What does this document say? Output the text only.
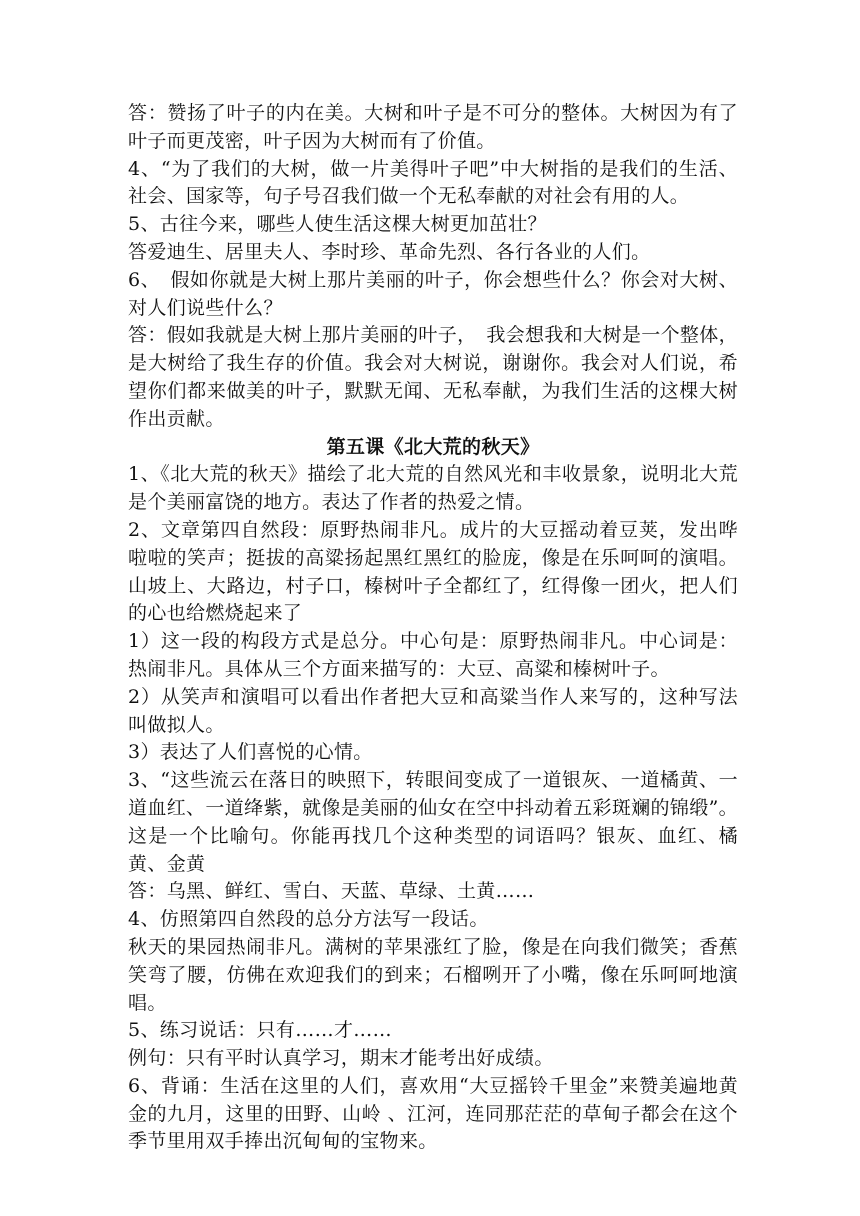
答：赞扬了叶子的内在美。大树和叶子是不可分的整体。大树因为有了叶子而更茂密，叶子因为大树而有了价值。

4、“为了我们的大树，做一片美得叶子吧”中大树指的是我们的生活、社会、国家等，句子号召我们做一个无私奉献的对社会有用的人。

5、古往今来，哪些人使生活这棵大树更加茁壮？

答爱迪生、居里夫人、李时珍、革命先烈、各行各业的人们。

6、　假如你就是大树上那片美丽的叶子，你会想些什么？你会对大树、对人们说些什么？

答：假如我就是大树上那片美丽的叶子，　我会想我和大树是一个整体，是大树给了我生存的价值。我会对大树说，谢谢你。我会对人们说，希望你们都来做美的叶子，默默无闻、无私奉献，为我们生活的这棵大树作出贡献。

第五课《北大荒的秋天》

1、《北大荒的秋天》描绘了北大荒的自然风光和丰收景象，说明北大荒是个美丽富饶的地方。表达了作者的热爱之情。

2、文章第四自然段：原野热闹非凡。成片的大豆摇动着豆荚，发出哗啦啦的笑声；挺拔的高粱扬起黑红黑红的脸庞，像是在乐呵呵的演唱。山坡上、大路边，村子口，榛树叶子全都红了，红得像一团火，把人们的心也给燃烧起来了

1）这一段的构段方式是总分。中心句是：原野热闹非凡。中心词是：热闹非凡。具体从三个方面来描写的：大豆、高粱和榛树叶子。

2）从笑声和演唱可以看出作者把大豆和高粱当作人来写的，这种写法叫做拟人。

3）表达了人们喜悦的心情。

3、“这些流云在落日的映照下，转眼间变成了一道银灰、一道橘黄、一道血红、一道绛紫，就像是美丽的仙女在空中抖动着五彩斑斓的锦缎”。这是一个比喻句。你能再找几个这种类型的词语吗？银灰、血红、橘黄、金黄

答：乌黑、鲜红、雪白、天蓝、草绿、土黄……

4、仿照第四自然段的总分方法写一段话。

秋天的果园热闹非凡。满树的苹果涨红了脸，像是在向我们微笑；香蕉笑弯了腰，仿佛在欢迎我们的到来；石榴咧开了小嘴，像在乐呵呵地演唱。

5、练习说话：只有……才……

例句：只有平时认真学习，期末才能考出好成绩。

6、背诵：生活在这里的人们，喜欢用“大豆摇铃千里金”来赞美遍地黄金的九月，这里的田野、山岭 、江河，连同那茫茫的草甸子都会在这个季节里用双手捧出沉甸甸的宝物来。
